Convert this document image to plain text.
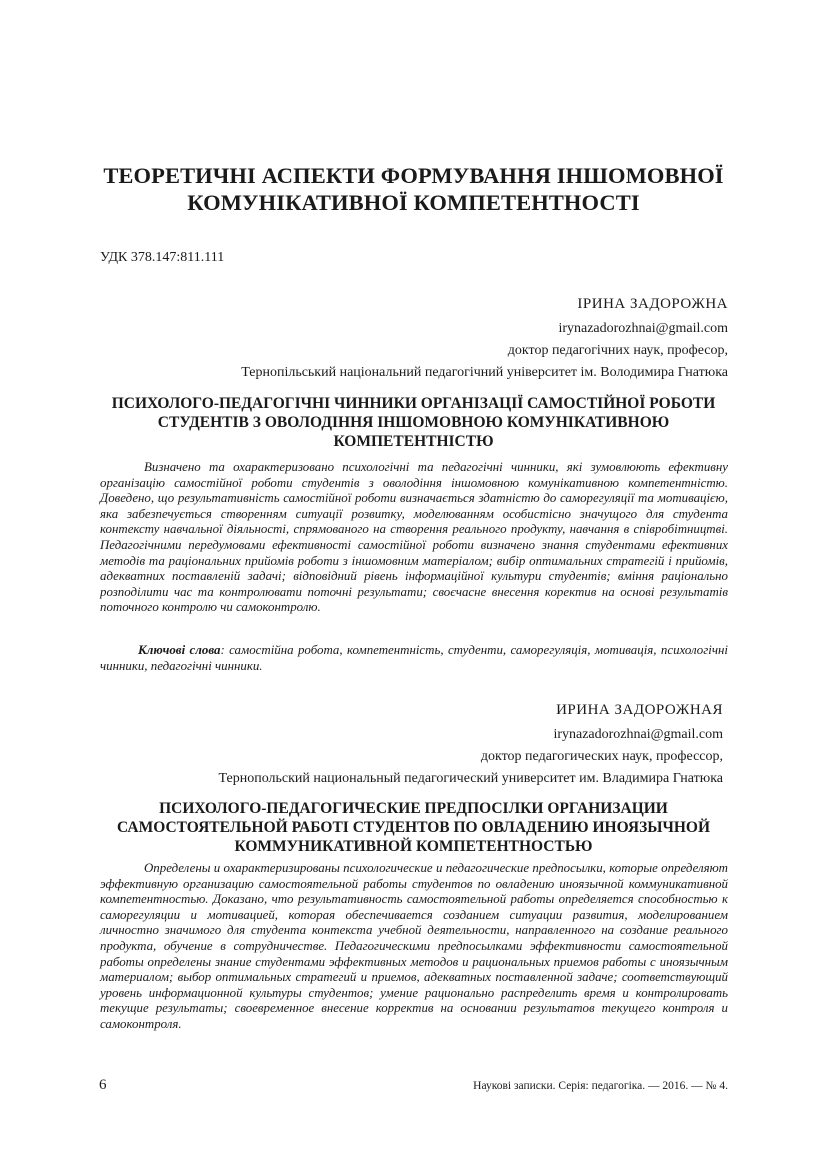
ТЕОРЕТИЧНІ АСПЕКТИ ФОРМУВАННЯ ІНШОМОВНОЇ КОМУНІКАТИВНОЇ КОМПЕТЕНТНОСТІ
УДК 378.147:811.111
ІРИНА ЗАДОРОЖНА
irynazadorozhnai@gmail.com
доктор педагогічних наук, професор,
Тернопільський національний педагогічний університет ім. Володимира Гнатюка
ПСИХОЛОГО-ПЕДАГОГІЧНІ ЧИННИКИ ОРГАНІЗАЦІЇ САМОСТІЙНОЇ РОБОТИ СТУДЕНТІВ З ОВОЛОДІННЯ ІНШОМОВНОЮ КОМУНІКАТИВНОЮ КОМПЕТЕНТНІСТЮ

Визначено та охарактеризовано психологічні та педагогічні чинники, які зумовлюють ефективну організацію самостійної роботи студентів з оволодіння іншомовною комунікативною компетентністю. Доведено, що результативність самостійної роботи визначається здатністю до саморегуляції та мотивацією, яка забезпечується створенням ситуації розвитку, моделюванням особистісно значущого для студента контексту навчальної діяльності, спрямованого на створення реального продукту, навчання в співробітництві. Педагогічними передумовами ефективності самостійної роботи визначено знання студентами ефективних методів та раціональних прийомів роботи з іншомовним матеріалом; вибір оптимальних стратегій і прийомів, адекватних поставленій задачі; відповідний рівень інформаційної культури студентів; вміння раціонально розподілити час та контролювати поточні результати; своєчасне внесення коректив на основі результатів поточного контролю чи самоконтролю.

Ключові слова: самостійна робота, компетентність, студенти, саморегуляція, мотивація, психологічні чинники, педагогічні чинники.
ИРИНА ЗАДОРОЖНАЯ
irynazadorozhnai@gmail.com
доктор педагогических наук, профессор,
Тернопольский национальный педагогический университет им. Владимира Гнатюка
ПСИХОЛОГО-ПЕДАГОГИЧЕСКИЕ ПРЕДПОСІЛКИ ОРГАНИЗАЦИИ САМОСТОЯТЕЛЬНОЙ РАБОТІ СТУДЕНТОВ ПО ОВЛАДЕНИЮ ИНОЯЗЫЧНОЙ КОММУНИКАТИВНОЙ КОМПЕТЕНТНОСТЬЮ

Определены и охарактеризированы психологические и педагогические предпосылки, которые определяют эффективную организацию самостоятельной работы студентов по овладению иноязычной коммуникативной компетентностью. Доказано, что результативность самостоятельной работы определяется способностью к саморегуляции и мотивацией, которая обеспечивается созданием ситуации развития, моделированием личностно значимого для студента контекста учебной деятельности, направленного на создание реального продукта, обучение в сотрудничестве. Педагогическими предпосылками эффективности самостоятельной работы определены знание студентами эффективных методов и рациональных приемов работы с иноязычным материалом; выбор оптимальных стратегий и приемов, адекватных поставленной задаче; соответствующий уровень информационной культуры студентов; умение рационально распределить время и контролировать текущие результаты; своевременное внесение корректив на основании результатов текущего контроля и самоконтроля.

6	Наукові записки. Серія: педагогіка. — 2016. — № 4.
